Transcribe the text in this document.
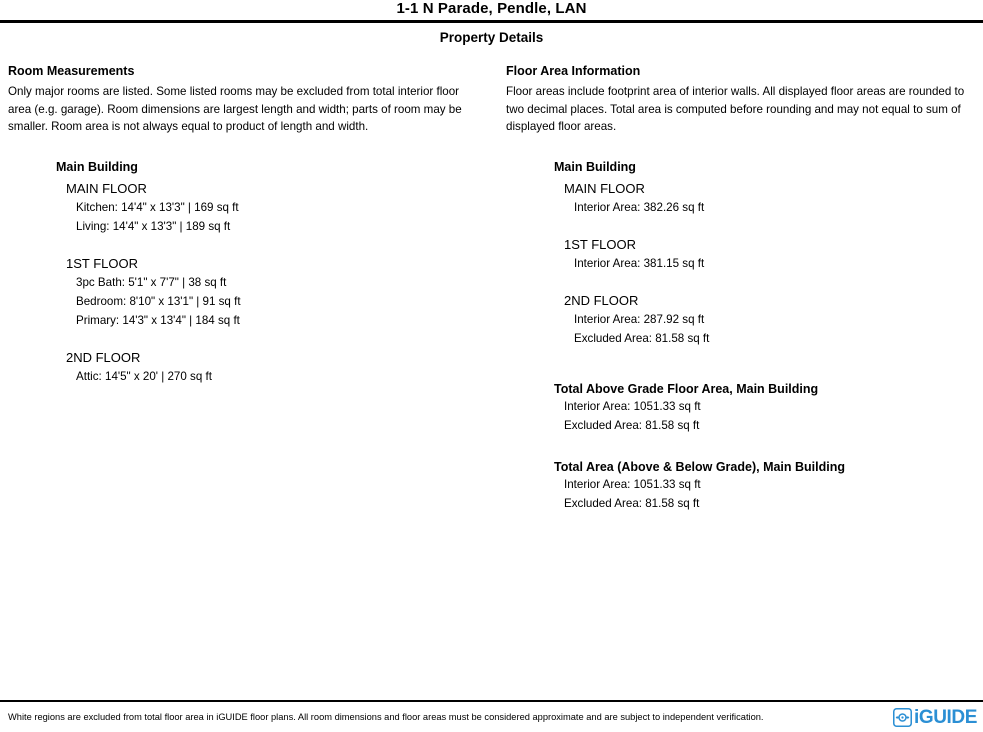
1-1 N Parade, Pendle, LAN
Property Details
Room Measurements

Only major rooms are listed. Some listed rooms may be excluded from total interior floor area (e.g. garage). Room dimensions are largest length and width; parts of room may be smaller. Room area is not always equal to product of length and width.

Main Building
MAIN FLOOR
Kitchen: 14'4" x 13'3" | 169 sq ft
Living: 14'4" x 13'3" | 189 sq ft
1ST FLOOR
3pc Bath: 5'1" x 7'7" | 38 sq ft
Bedroom: 8'10" x 13'1" | 91 sq ft
Primary: 14'3" x 13'4" | 184 sq ft
2ND FLOOR
Attic: 14'5" x 20' | 270 sq ft
Floor Area Information

Floor areas include footprint area of interior walls. All displayed floor areas are rounded to two decimal places. Total area is computed before rounding and may not equal to sum of displayed floor areas.

Main Building
MAIN FLOOR
Interior Area: 382.26 sq ft
1ST FLOOR
Interior Area: 381.15 sq ft
2ND FLOOR
Interior Area: 287.92 sq ft
Excluded Area: 81.58 sq ft
Total Above Grade Floor Area, Main Building
Interior Area: 1051.33 sq ft
Excluded Area: 81.58 sq ft
Total Area (Above & Below Grade), Main Building
Interior Area: 1051.33 sq ft
Excluded Area: 81.58 sq ft
White regions are excluded from total floor area in iGUIDE floor plans. All room dimensions and floor areas must be considered approximate and are subject to independent verification.	iGUIDE
